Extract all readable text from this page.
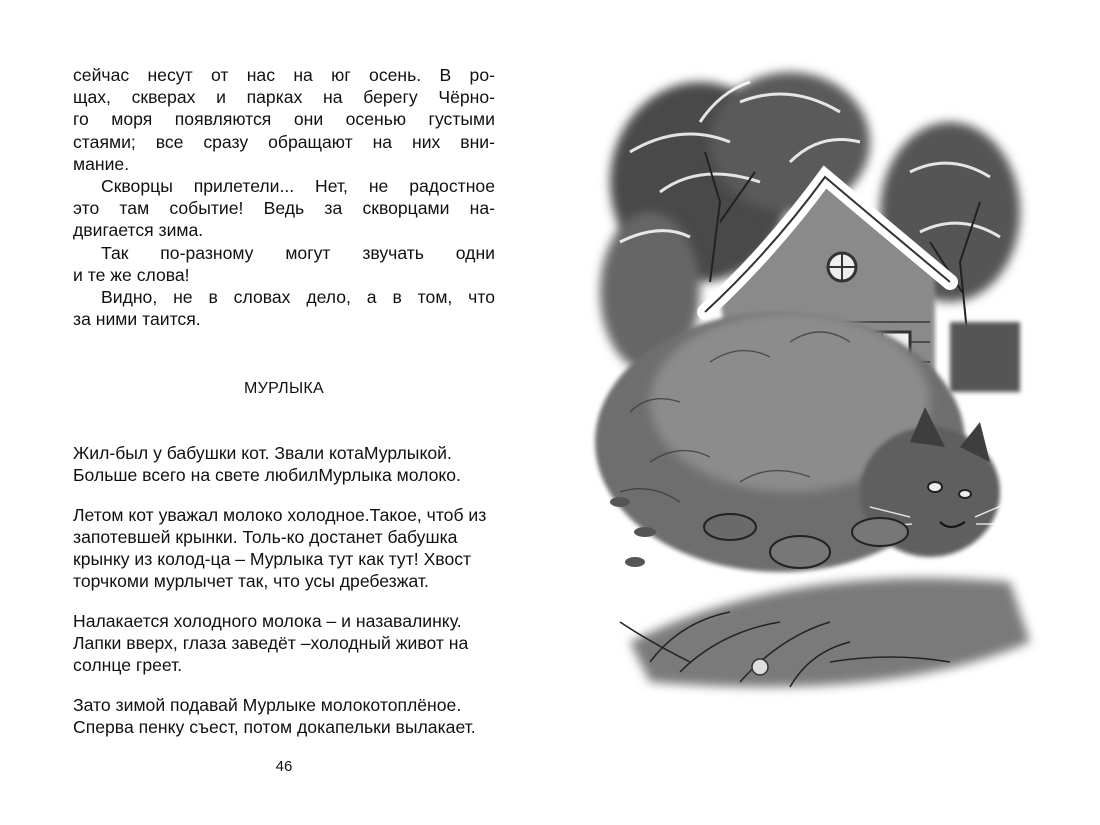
сейчас несут от нас на юг осень. В ро-
щах, скверах и парках на берегу Чёрно-
го моря появляются они осенью густыми
стаями; все сразу обращают на них вни-
мание.

Скворцы прилетели... Нет, не радостное
это там событие! Ведь за скворцами на-
двигается зима.

Так по-разному могут звучать одни
и те же слова!

Видно, не в словах дело, а в том, что
за ними таится.

МУРЛЫКА

Жил-был у бабушки кот. Звали котаМурлыкой. Больше всего на свете любилМурлыка молоко.

Летом кот уважал молоко холодное.Такое, чтоб из запотевшей крынки. Толь-ко достанет бабушка крынку из колод-ца – Мурлыка тут как тут! Хвост торчкоми мурлычет так, что усы дребезжат.

Налакается холодного молока – и назавалинку. Лапки вверх, глаза заведёт –холодный живот на солнце греет.

Зато зимой подавай Мурлыке молокотоплёное. Сперва пенку съест, потом докапельки вылакает.

46
